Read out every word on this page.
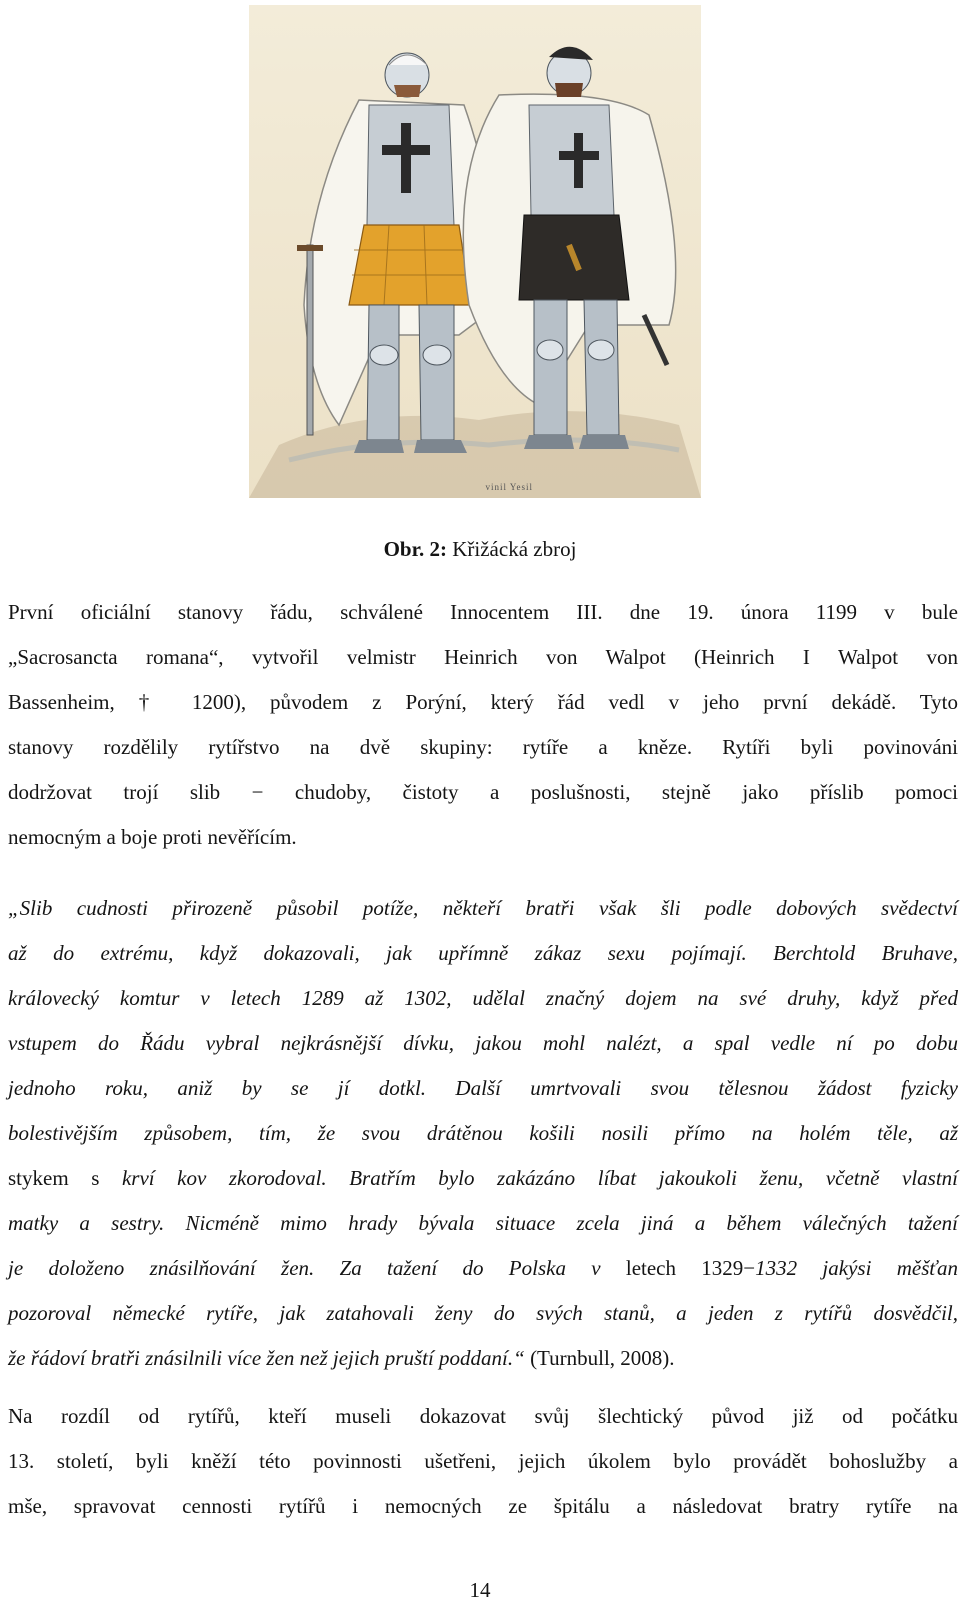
vinil Yesil
Obr. 2: Křižácká zbroj
První oficiální stanovy řádu, schválené Innocentem III. dne 19. února 1199 v bule
„Sacrosancta romana“, vytvořil velmistr Heinrich von Walpot (Heinrich I Walpot von
Bassenheim, † 1200), původem z Porýní, který řád vedl v jeho první dekádě. Tyto
stanovy rozdělily rytířstvo na dvě skupiny: rytíře a kněze. Rytíři byli povinováni
dodržovat trojí slib − chudoby, čistoty a poslušnosti, stejně jako příslib pomoci
nemocným a boje proti nevěřícím.
„Slib cudnosti přirozeně působil potíže, někteří bratři však šli podle dobových svědectví
až do extrému, když dokazovali, jak upřímně zákaz sexu pojímají. Berchtold Bruhave,
královecký komtur v letech 1289 až 1302, udělal značný dojem na své druhy, když před
vstupem do Řádu vybral nejkrásnější dívku, jakou mohl nalézt, a spal vedle ní po dobu
jednoho roku, aniž by se jí dotkl. Další umrtvovali svou tělesnou žádost fyzicky
bolestivějším způsobem, tím, že svou drátěnou košili nosili přímo na holém těle, až
stykem s krví kov zkorodoval. Bratřím bylo zakázáno líbat jakoukoli ženu, včetně vlastní
matky a sestry. Nicméně mimo hrady bývala situace zcela jiná a během válečných tažení
je doloženo znásilňování žen. Za tažení do Polska v letech 1329−1332 jakýsi měšťan
pozoroval německé rytíře, jak zatahovali ženy do svých stanů, a jeden z rytířů dosvědčil,
že řádoví bratři znásilnili více žen než jejich pruští poddaní.“ (Turnbull, 2008).
Na rozdíl od rytířů, kteří museli dokazovat svůj šlechtický původ již od počátku
13. století, byli kněží této povinnosti ušetřeni, jejich úkolem bylo provádět bohoslužby a
mše, spravovat cennosti rytířů i nemocných ze špitálu a následovat bratry rytíře na
14
